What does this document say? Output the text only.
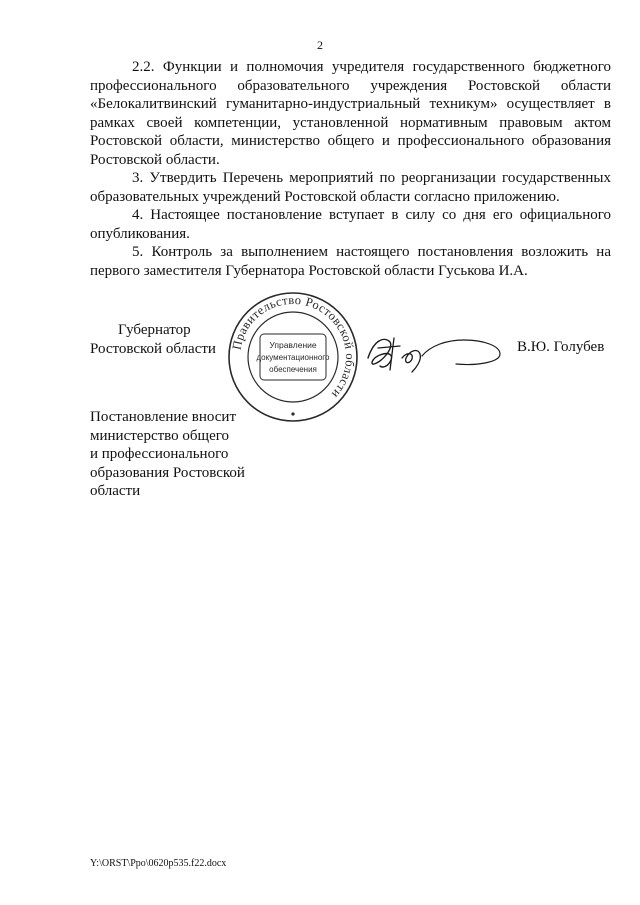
2

2.2. Функции и полномочия учредителя государственного бюджетного профессионального образовательного учреждения Ростовской области «Белокалитвинский гуманитарно-индустриальный техникум» осуществляет в рамках своей компетенции, установленной нормативным правовым актом Ростовской области, министерство общего и профессионального образования Ростовской области.

3. Утвердить Перечень мероприятий по реорганизации государственных образовательных учреждений Ростовской области согласно приложению.

4. Настоящее постановление вступает в силу со дня его официального опубликования.

5. Контроль за выполнением настоящего постановления возложить на первого заместителя Губернатора Ростовской области Гуськова И.А.

Губернатор
Ростовской области	Правительство Ростовской области
Управление
документационного
обеспечения
В.Ю. Голубев
Постановление вносит
министерство общего
и профессионального
образования Ростовской
области
Y:\ORST\Ppo\0620p535.f22.docx
